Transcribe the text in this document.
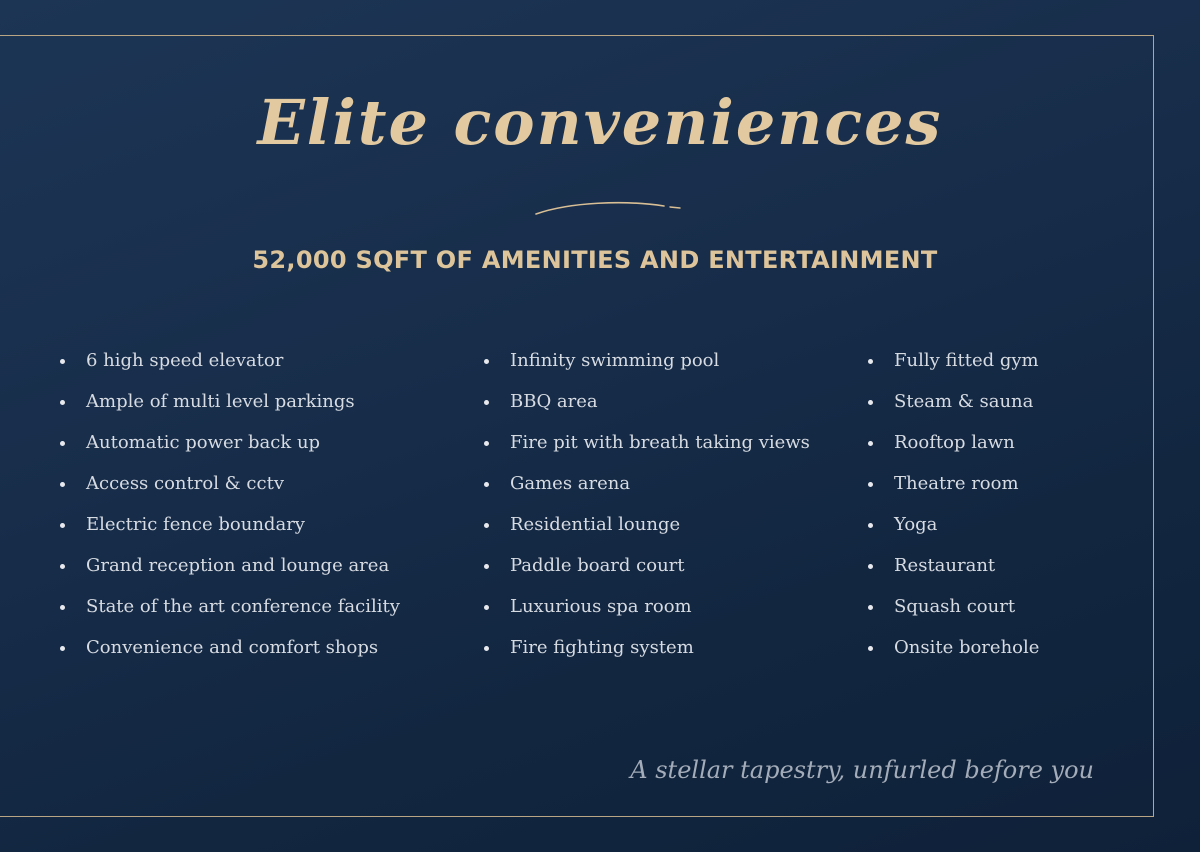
Elite conveniences
52,000 SQFT OF AMENITIES AND ENTERTAINMENT
6 high speed elevator
Ample of multi level parkings
Automatic power back up
Access control & cctv
Electric fence boundary
Grand reception and lounge area
State of the art conference facility
Convenience and comfort shops
Infinity swimming pool
BBQ area
Fire pit with breath taking views
Games arena
Residential lounge
Paddle board court
Luxurious spa room
Fire fighting system
Fully fitted gym
Steam & sauna
Rooftop lawn
Theatre room
Yoga
Restaurant
Squash court
Onsite borehole
A stellar tapestry, unfurled before you
